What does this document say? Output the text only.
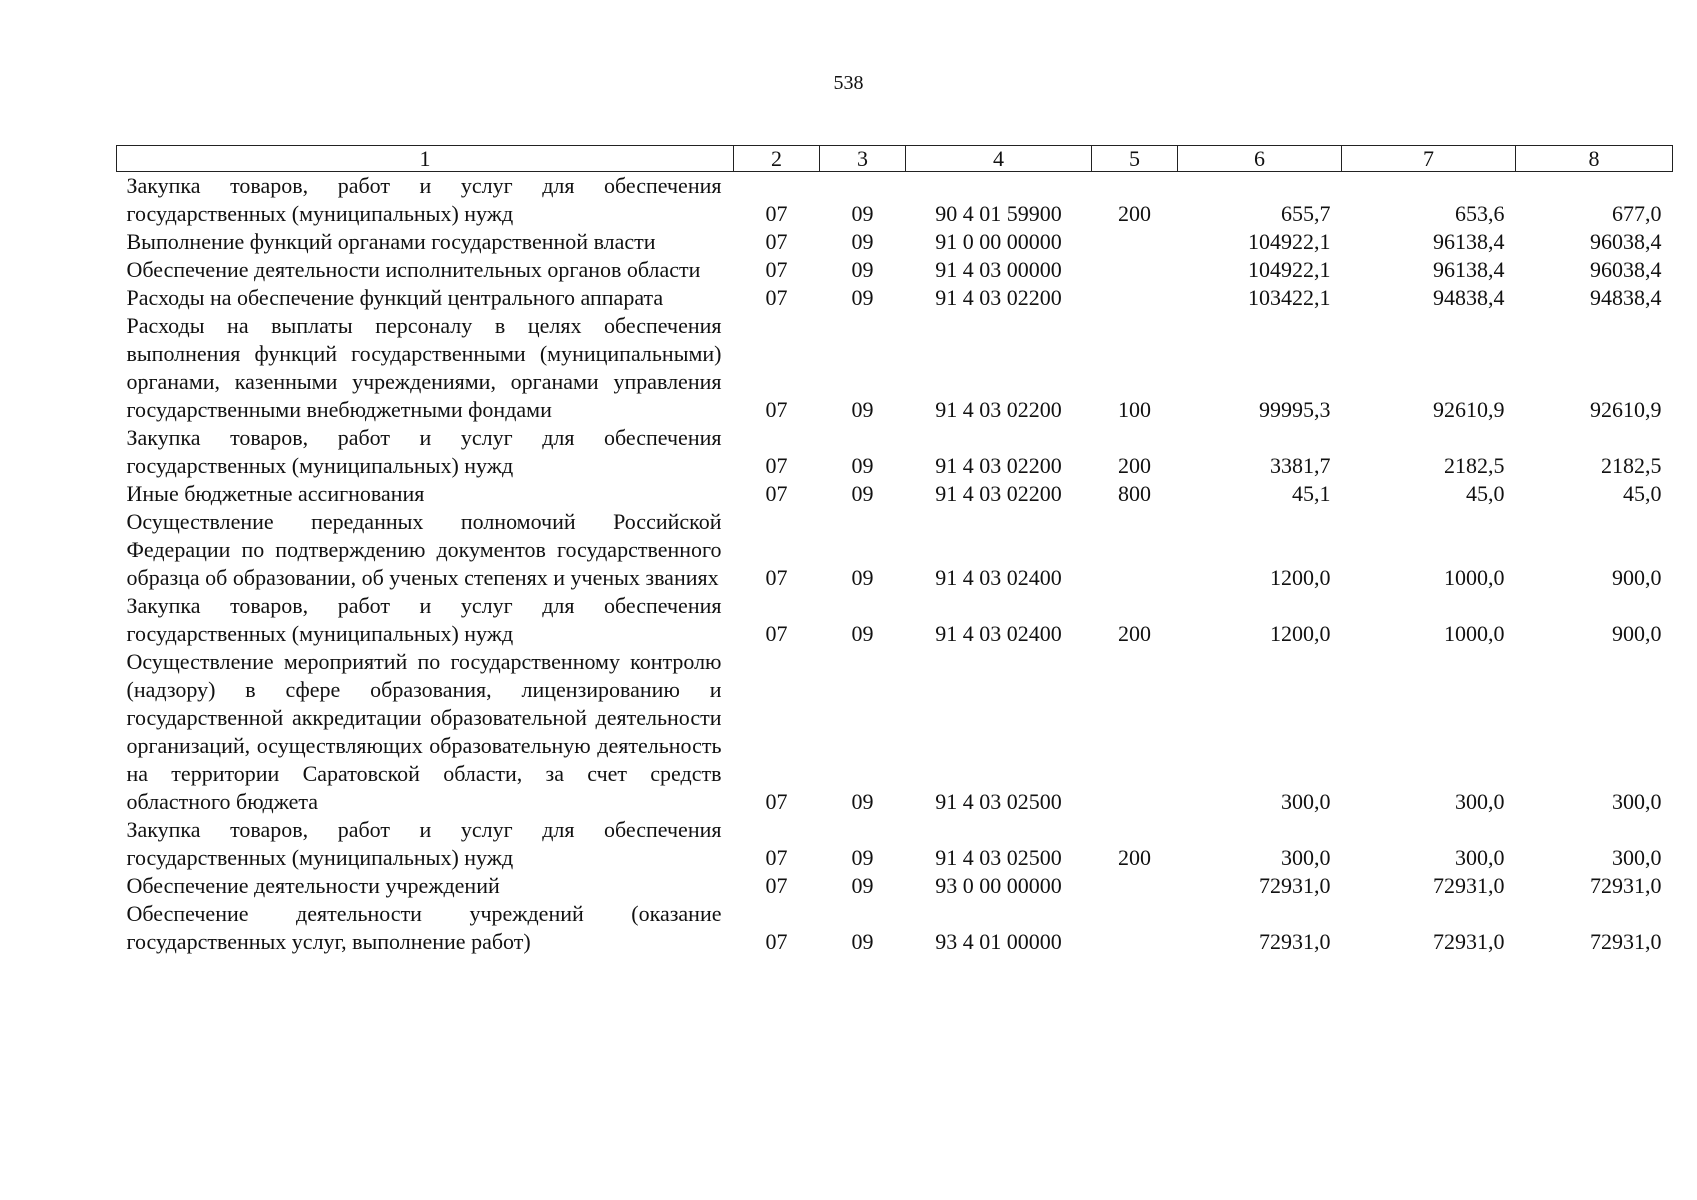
538
1	2	3	4	5	6	7	8
Закупка товаров, работ и услуг для обеспечения государственных (муниципальных) нужд	07	09	90 4 01 59900	200	655,7	653,6	677,0
Выполнение функций органами государственной власти	07	09	91 0 00 00000		104922,1	96138,4	96038,4
Обеспечение деятельности исполнительных органов области	07	09	91 4 03 00000		104922,1	96138,4	96038,4
Расходы на обеспечение функций центрального аппарата	07	09	91 4 03 02200		103422,1	94838,4	94838,4
Расходы на выплаты персоналу в целях обеспечения выполнения функций государственными (муниципальными) органами, казенными учреждениями, органами управления государственными внебюджетными фондами	07	09	91 4 03 02200	100	99995,3	92610,9	92610,9
Закупка товаров, работ и услуг для обеспечения государственных (муниципальных) нужд	07	09	91 4 03 02200	200	3381,7	2182,5	2182,5
Иные бюджетные ассигнования	07	09	91 4 03 02200	800	45,1	45,0	45,0
Осуществление переданных полномочий Российской Федерации по подтверждению документов государственного образца об образовании, об ученых степенях и ученых званиях	07	09	91 4 03 02400		1200,0	1000,0	900,0
Закупка товаров, работ и услуг для обеспечения государственных (муниципальных) нужд	07	09	91 4 03 02400	200	1200,0	1000,0	900,0
Осуществление мероприятий по государственному контролю (надзору) в сфере образования, лицензированию и государственной аккредитации образовательной деятельности организаций, осуществляющих образовательную деятельность на территории Саратовской области, за счет средств областного бюджета	07	09	91 4 03 02500		300,0	300,0	300,0
Закупка товаров, работ и услуг для обеспечения государственных (муниципальных) нужд	07	09	91 4 03 02500	200	300,0	300,0	300,0
Обеспечение деятельности учреждений	07	09	93 0 00 00000		72931,0	72931,0	72931,0
Обеспечение деятельности учреждений (оказание государственных услуг, выполнение работ)	07	09	93 4 01 00000		72931,0	72931,0	72931,0
